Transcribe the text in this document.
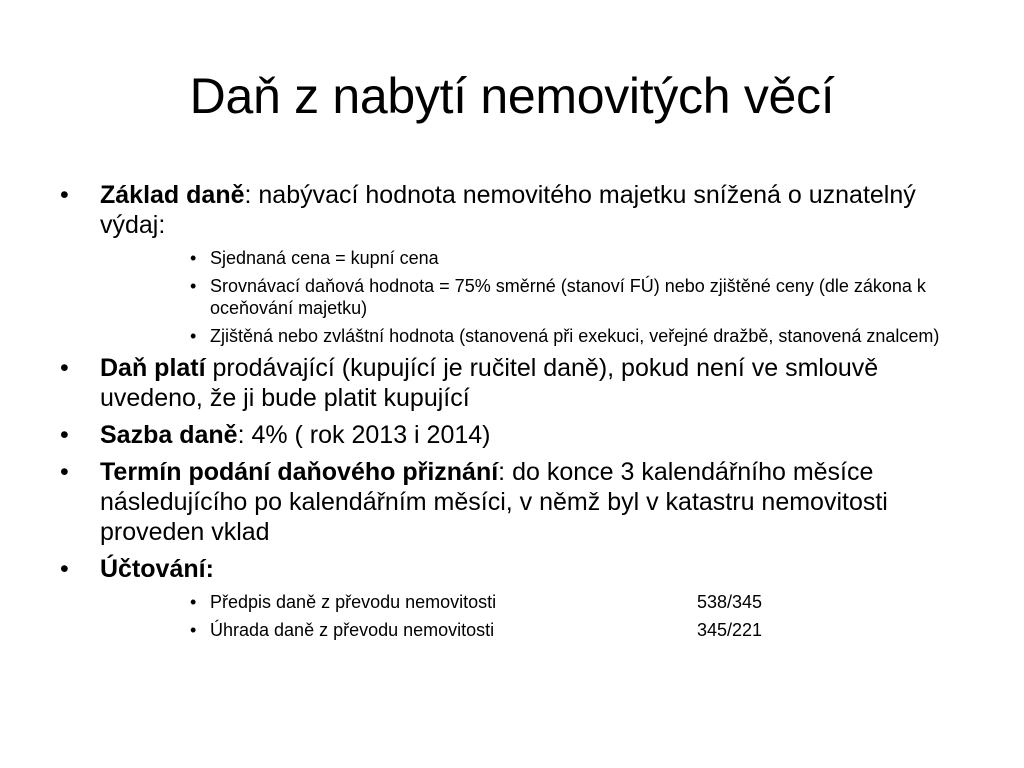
Daň z nabytí nemovitých věcí
•	Základ daně: nabývací hodnota nemovitého majetku snížená o uznatelný výdaj:
• Sjednaná cena = kupní cena
• Srovnávací daňová hodnota = 75% směrné (stanoví FÚ) nebo zjištěné ceny (dle zákona k oceňování majetku)
• Zjištěná nebo zvláštní hodnota (stanovená při exekuci, veřejné dražbě, stanovená znalcem)
•	Daň platí prodávající (kupující je ručitel daně), pokud není ve smlouvě uvedeno, že ji bude platit kupující
•	Sazba daně: 4% ( rok 2013 i 2014)
•	Termín podání daňového přiznání: do konce 3 kalendářního měsíce následujícího po kalendářním měsíci, v němž byl v katastru nemovitosti proveden vklad
•	Účtování:
• Předpis daně z převodu nemovitosti	538/345
• Úhrada daně z převodu nemovitosti	345/221
